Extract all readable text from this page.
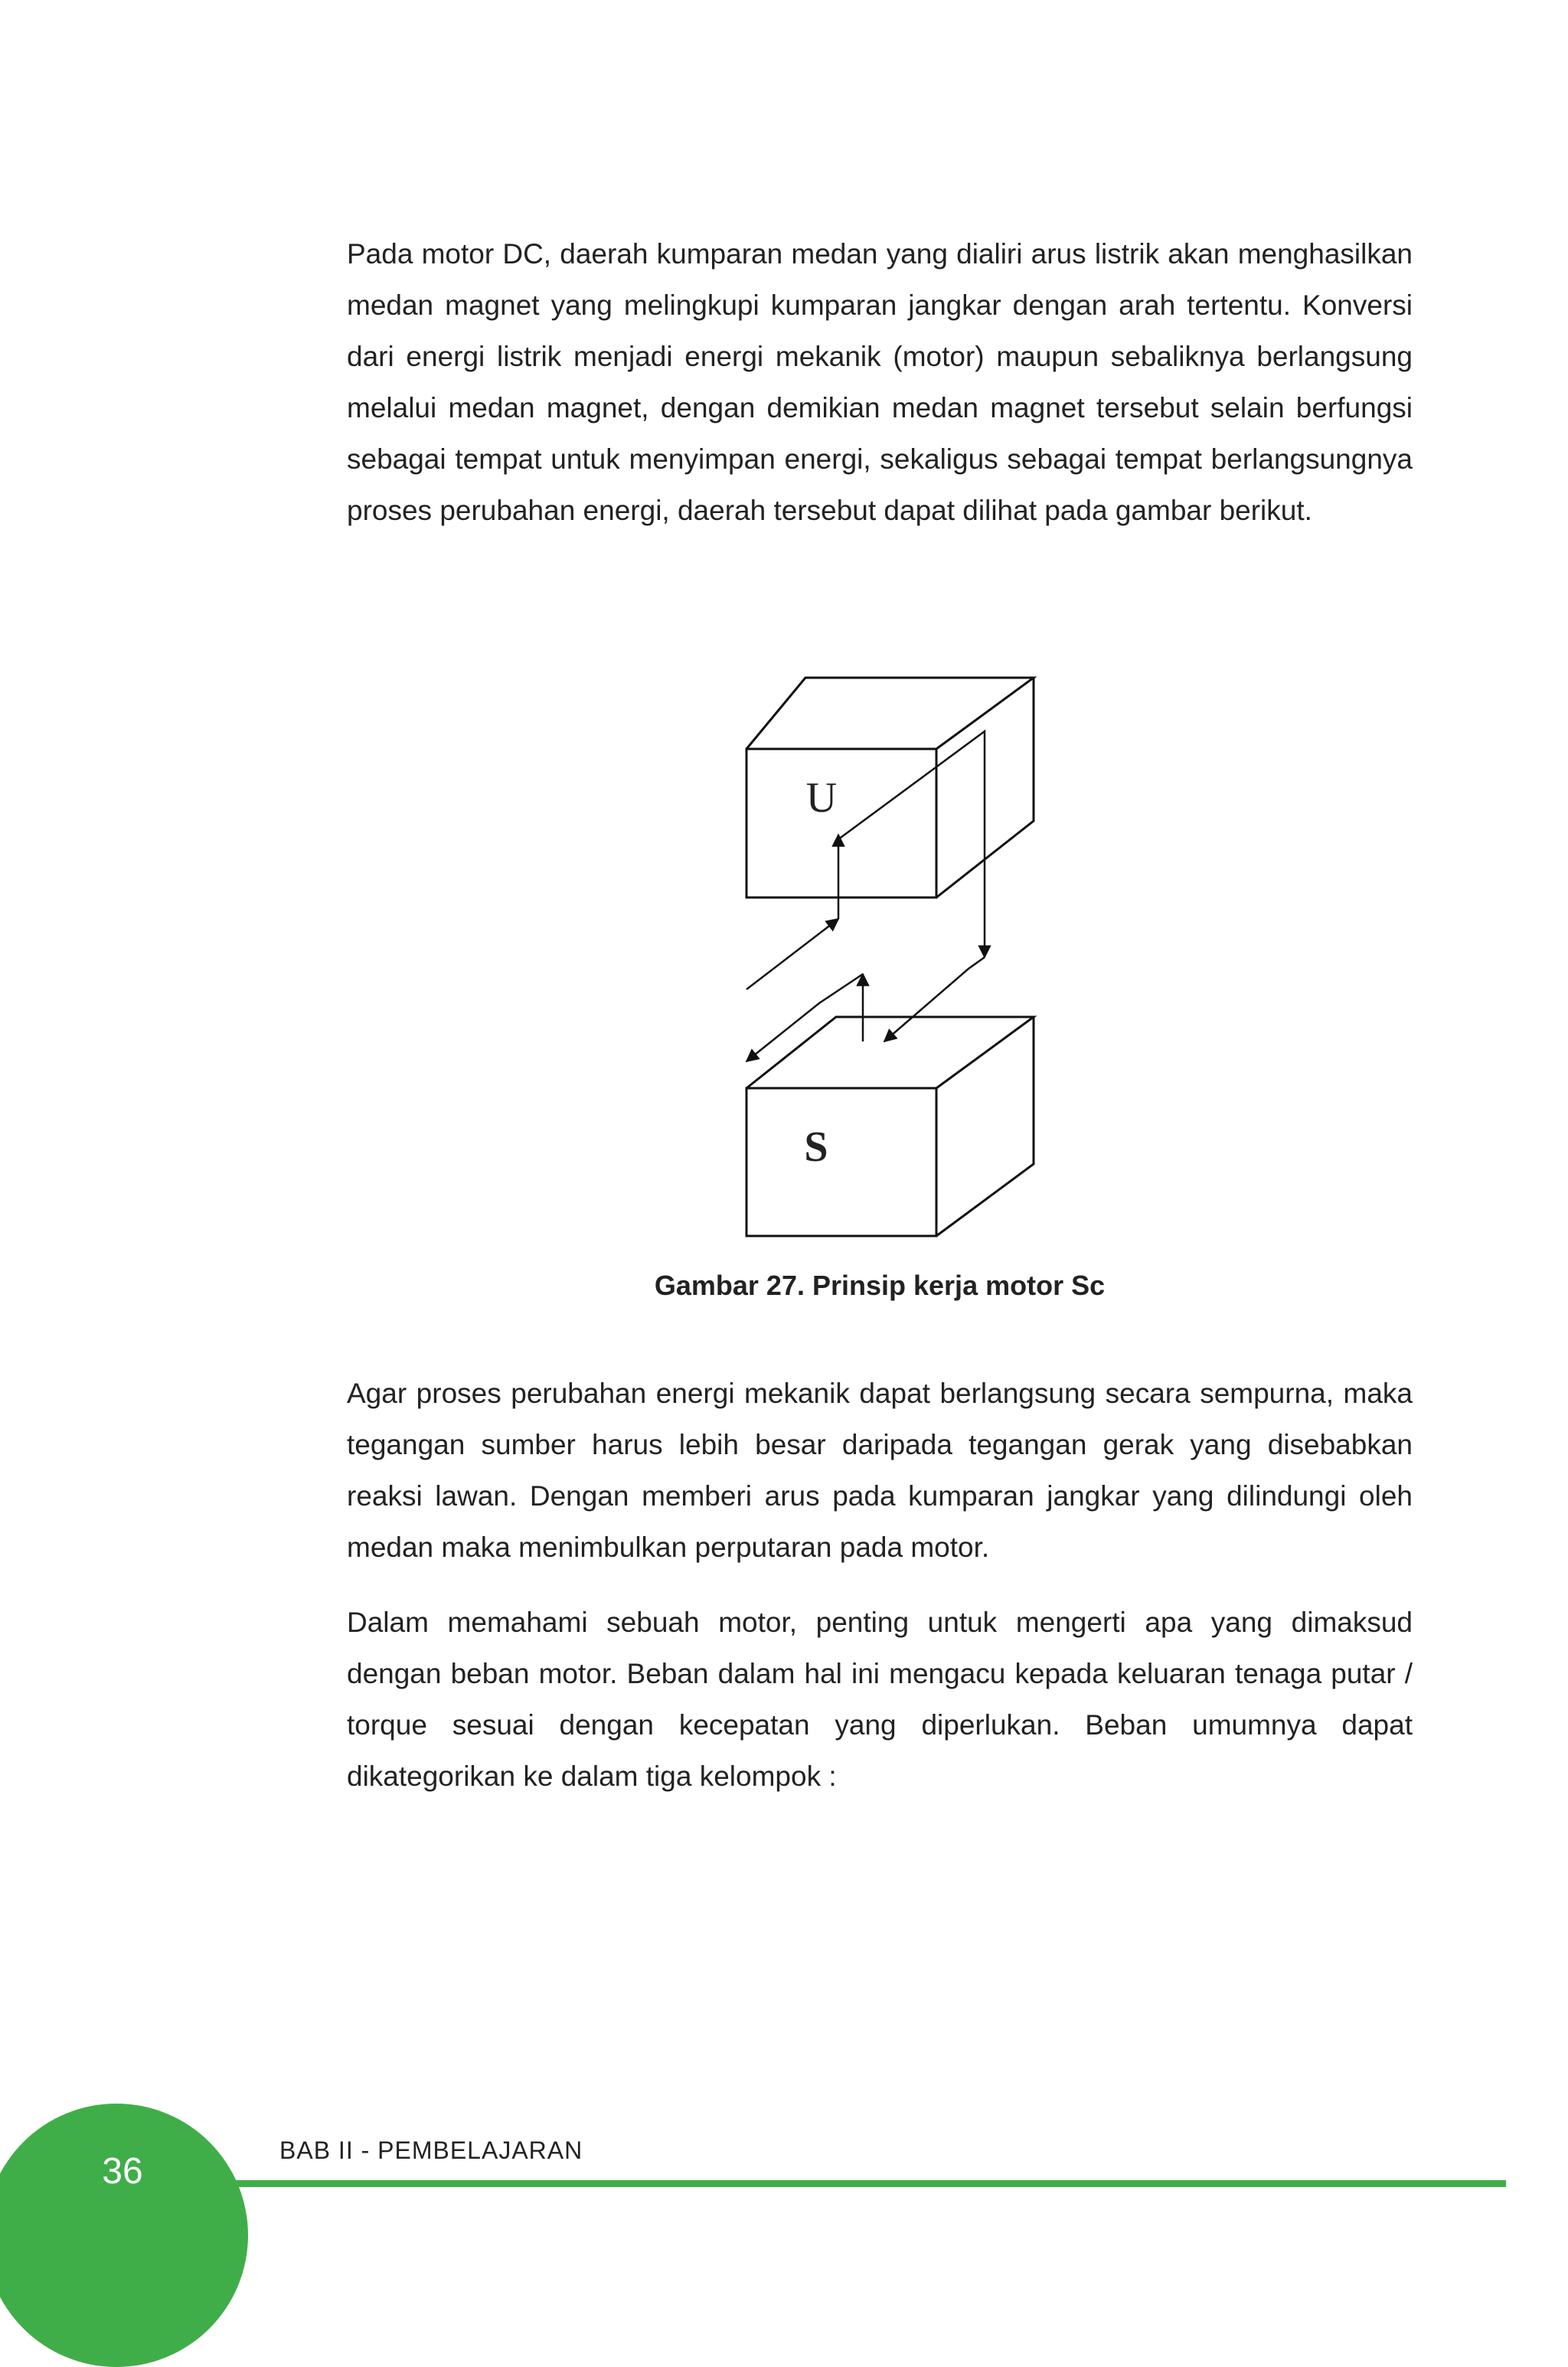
Pada motor DC, daerah kumparan medan yang dialiri arus listrik akan menghasilkan medan magnet yang melingkupi kumparan jangkar dengan arah tertentu. Konversi dari energi listrik menjadi energi mekanik (motor) maupun sebaliknya berlangsung melalui medan magnet, dengan demikian medan magnet tersebut selain berfungsi sebagai tempat untuk menyimpan energi, sekaligus sebagai tempat berlangsungnya proses perubahan energi, daerah tersebut dapat dilihat pada gambar berikut.

U
S
Gambar 27. Prinsip kerja motor Sc

Agar proses perubahan energi mekanik dapat berlangsung secara sempurna, maka tegangan sumber harus lebih besar daripada tegangan gerak yang disebabkan reaksi lawan. Dengan memberi arus pada kumparan jangkar yang dilindungi oleh medan maka menimbulkan perputaran pada motor.

Dalam memahami sebuah motor, penting untuk mengerti apa yang dimaksud dengan beban motor. Beban dalam hal ini mengacu kepada keluaran tenaga putar / torque sesuai dengan kecepatan yang diperlukan. Beban umumnya dapat dikategorikan ke dalam tiga kelompok :

36
BAB II - PEMBELAJARAN
